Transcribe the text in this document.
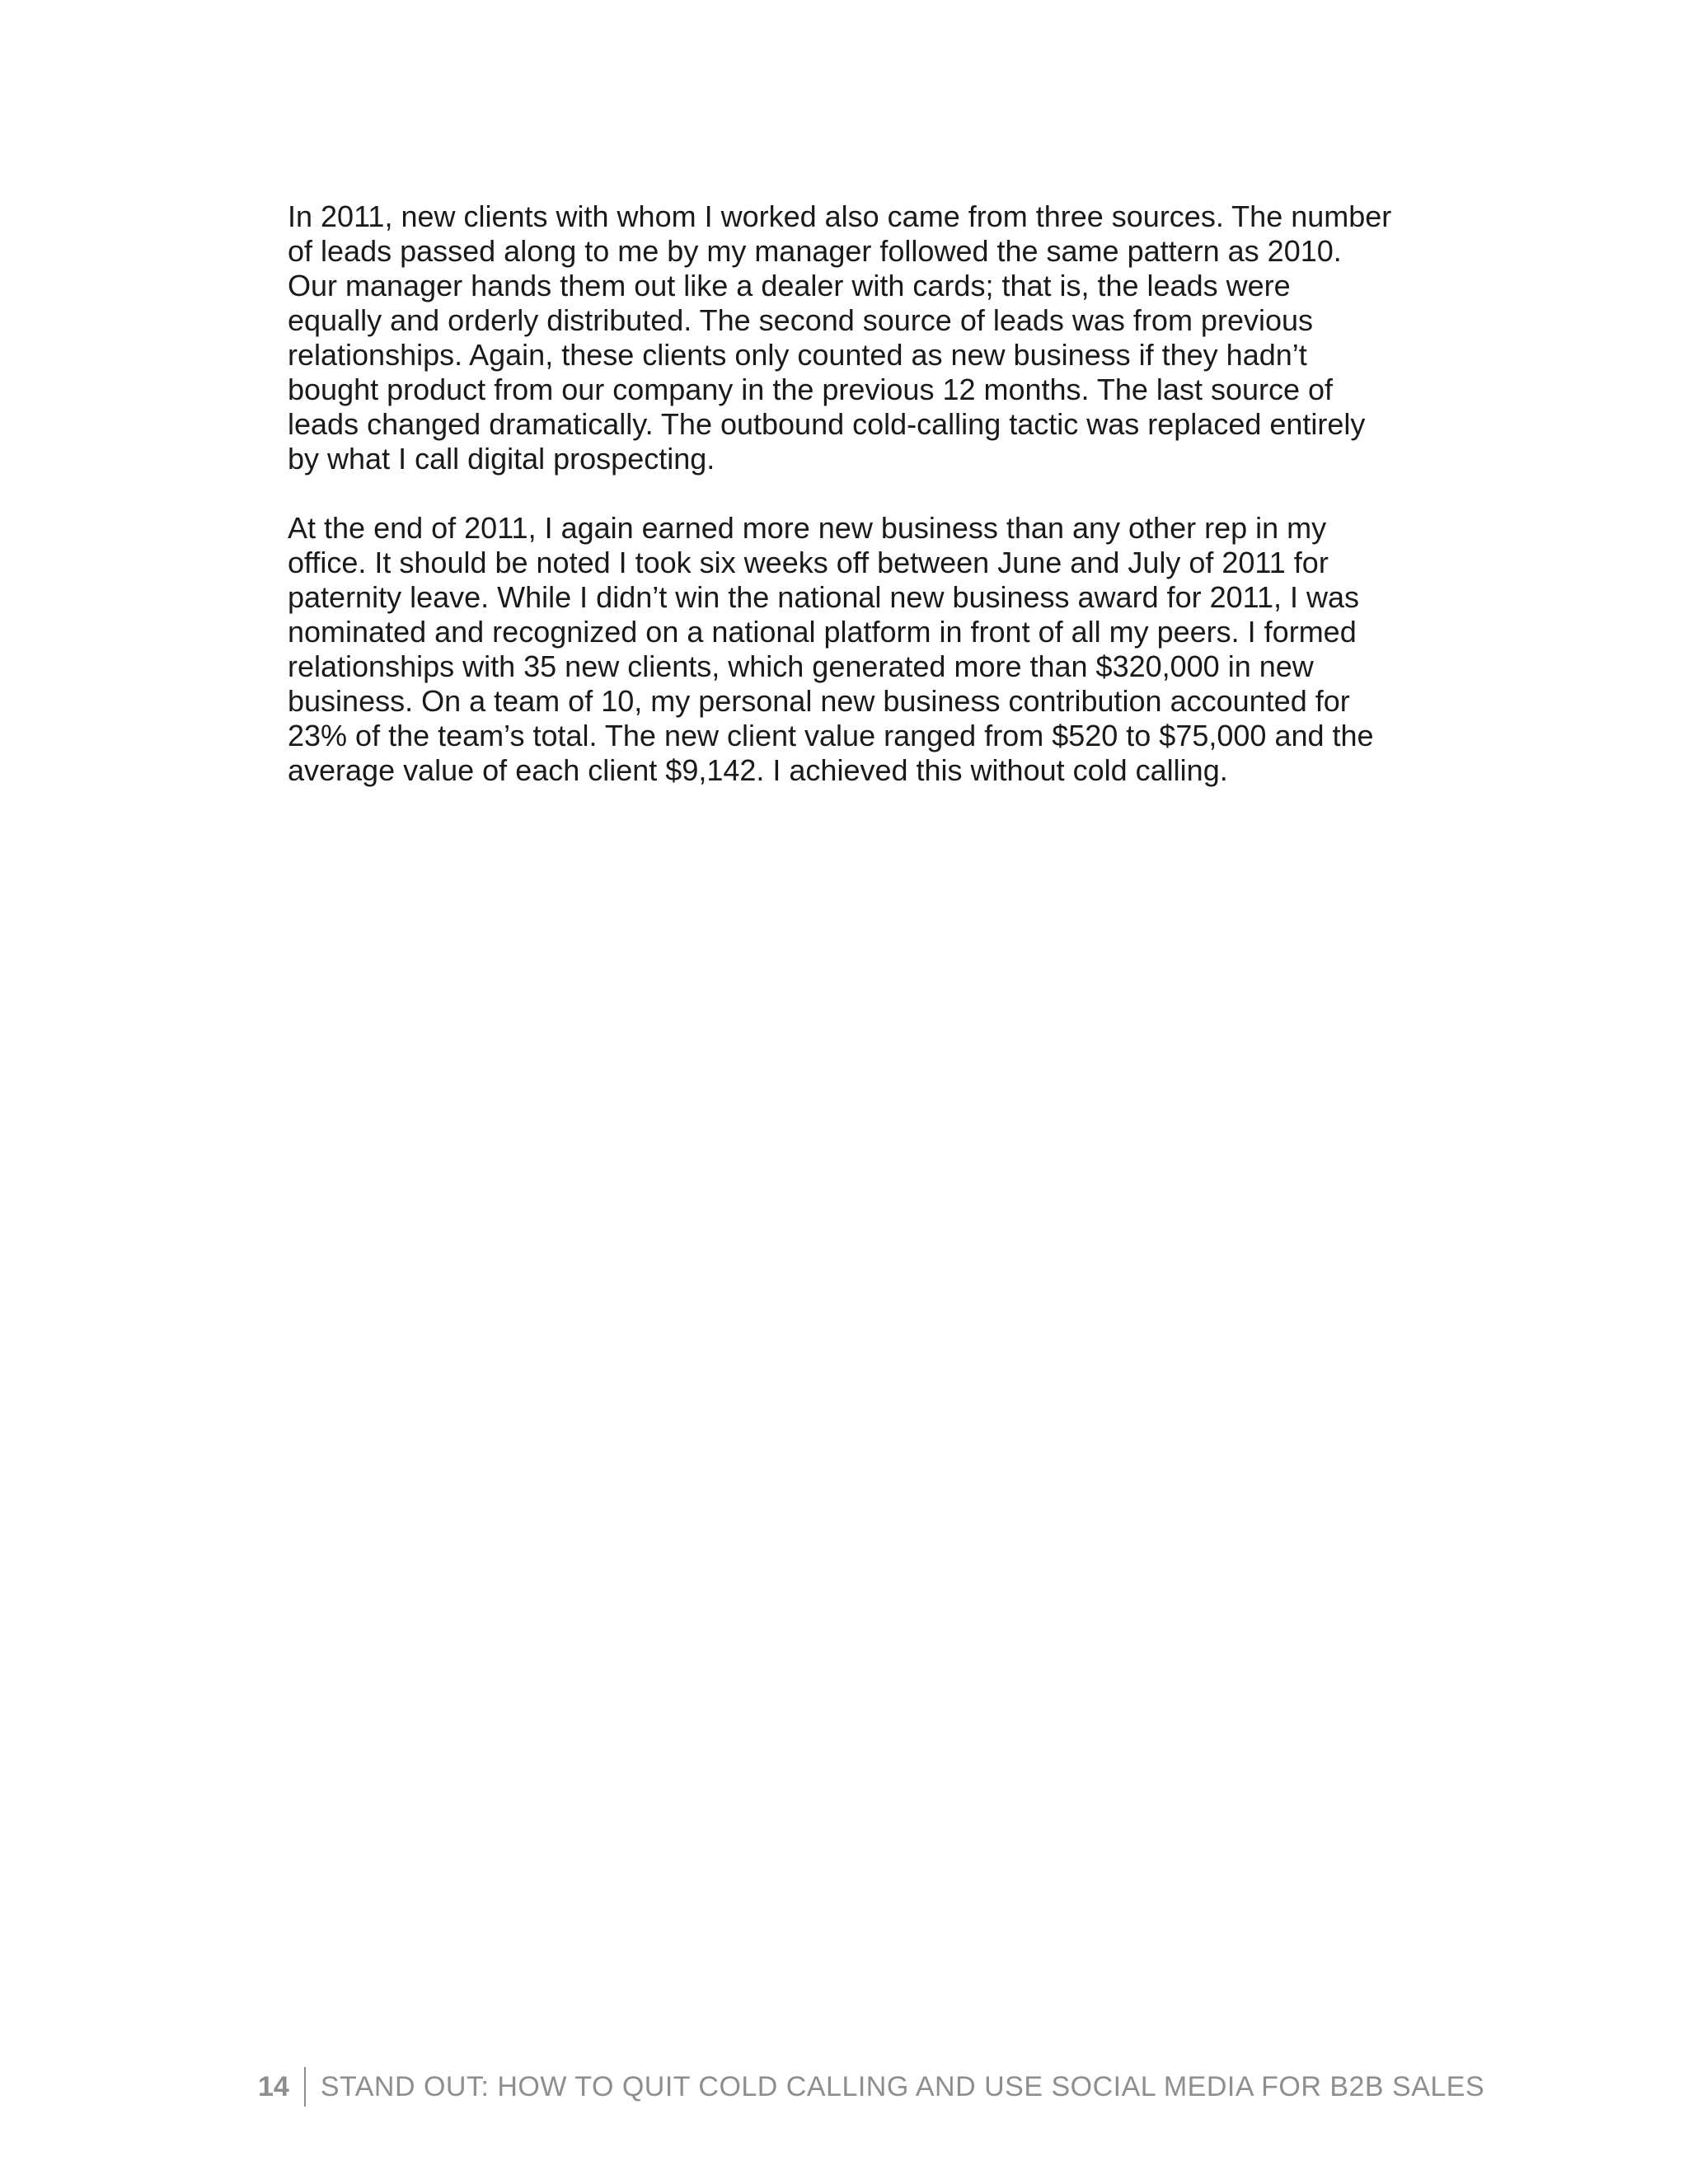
In 2011, new clients with whom I worked also came from three sources. The number of leads passed along to me by my manager followed the same pattern as 2010. Our manager hands them out like a dealer with cards; that is, the leads were equally and orderly distributed. The second source of leads was from previous relationships. Again, these clients only counted as new business if they hadn’t bought product from our company in the previous 12 months. The last source of leads changed dramatically. The outbound cold-calling tactic was replaced entirely by what I call digital prospecting.

At the end of 2011, I again earned more new business than any other rep in my office. It should be noted I took six weeks off between June and July of 2011 for paternity leave. While I didn’t win the national new business award for 2011, I was nominated and recognized on a national platform in front of all my peers. I formed relationships with 35 new clients, which generated more than $320,000 in new business. On a team of 10, my personal new business contribution accounted for 23% of the team’s total. The new client value ranged from $520 to $75,000 and the average value of each client $9,142. I achieved this without cold calling.

14	STAND OUT: HOW TO QUIT COLD CALLING AND USE SOCIAL MEDIA FOR B2B SALES
